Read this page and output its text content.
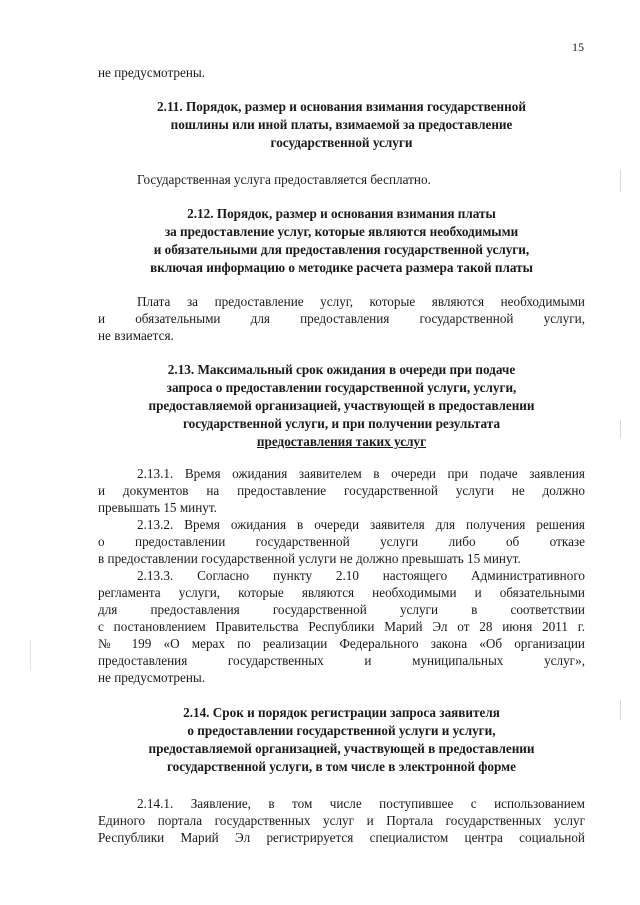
15
не предусмотрены.
2.11. Порядок, размер и основания взимания государственной
пошлины или иной платы, взимаемой за предоставление
государственной услуги
Государственная услуга предоставляется бесплатно.
2.12. Порядок, размер и основания взимания платы
за предоставление услуг, которые являются необходимыми
и обязательными для предоставления государственной услуги,
включая информацию о методике расчета размера такой платы
Плата за предоставление услуг, которые являются необходимыми
и обязательными для предоставления государственной услуги,
не взимается.
2.13. Максимальный срок ожидания в очереди при подаче
запроса о предоставлении государственной услуги, услуги,
предоставляемой организацией, участвующей в предоставлении
государственной услуги, и при получении результата
предоставления таких услуг
2.13.1. Время ожидания заявителем в очереди при подаче заявления
и документов на предоставление государственной услуги не должно
превышать 15 минут.
2.13.2. Время ожидания в очереди заявителя для получения решения
о предоставлении государственной услуги либо об отказе
в предоставлении государственной услуги не должно превышать 15 минут.
2.13.3. Согласно пункту 2.10 настоящего Административного
регламента услуги, которые являются необходимыми и обязательными
для предоставления государственной услуги в соответствии
с постановлением Правительства Республики Марий Эл от 28 июня 2011 г.
№ 199 «О мерах по реализации Федерального закона «Об организации
предоставления государственных и муниципальных услуг»,
не предусмотрены.
2.14. Срок и порядок регистрации запроса заявителя
о предоставлении государственной услуги и услуги,
предоставляемой организацией, участвующей в предоставлении
государственной услуги, в том числе в электронной форме
2.14.1. Заявление, в том числе поступившее с использованием
Единого портала государственных услуг и Портала государственных услуг
Республики Марий Эл регистрируется специалистом центра социальной
